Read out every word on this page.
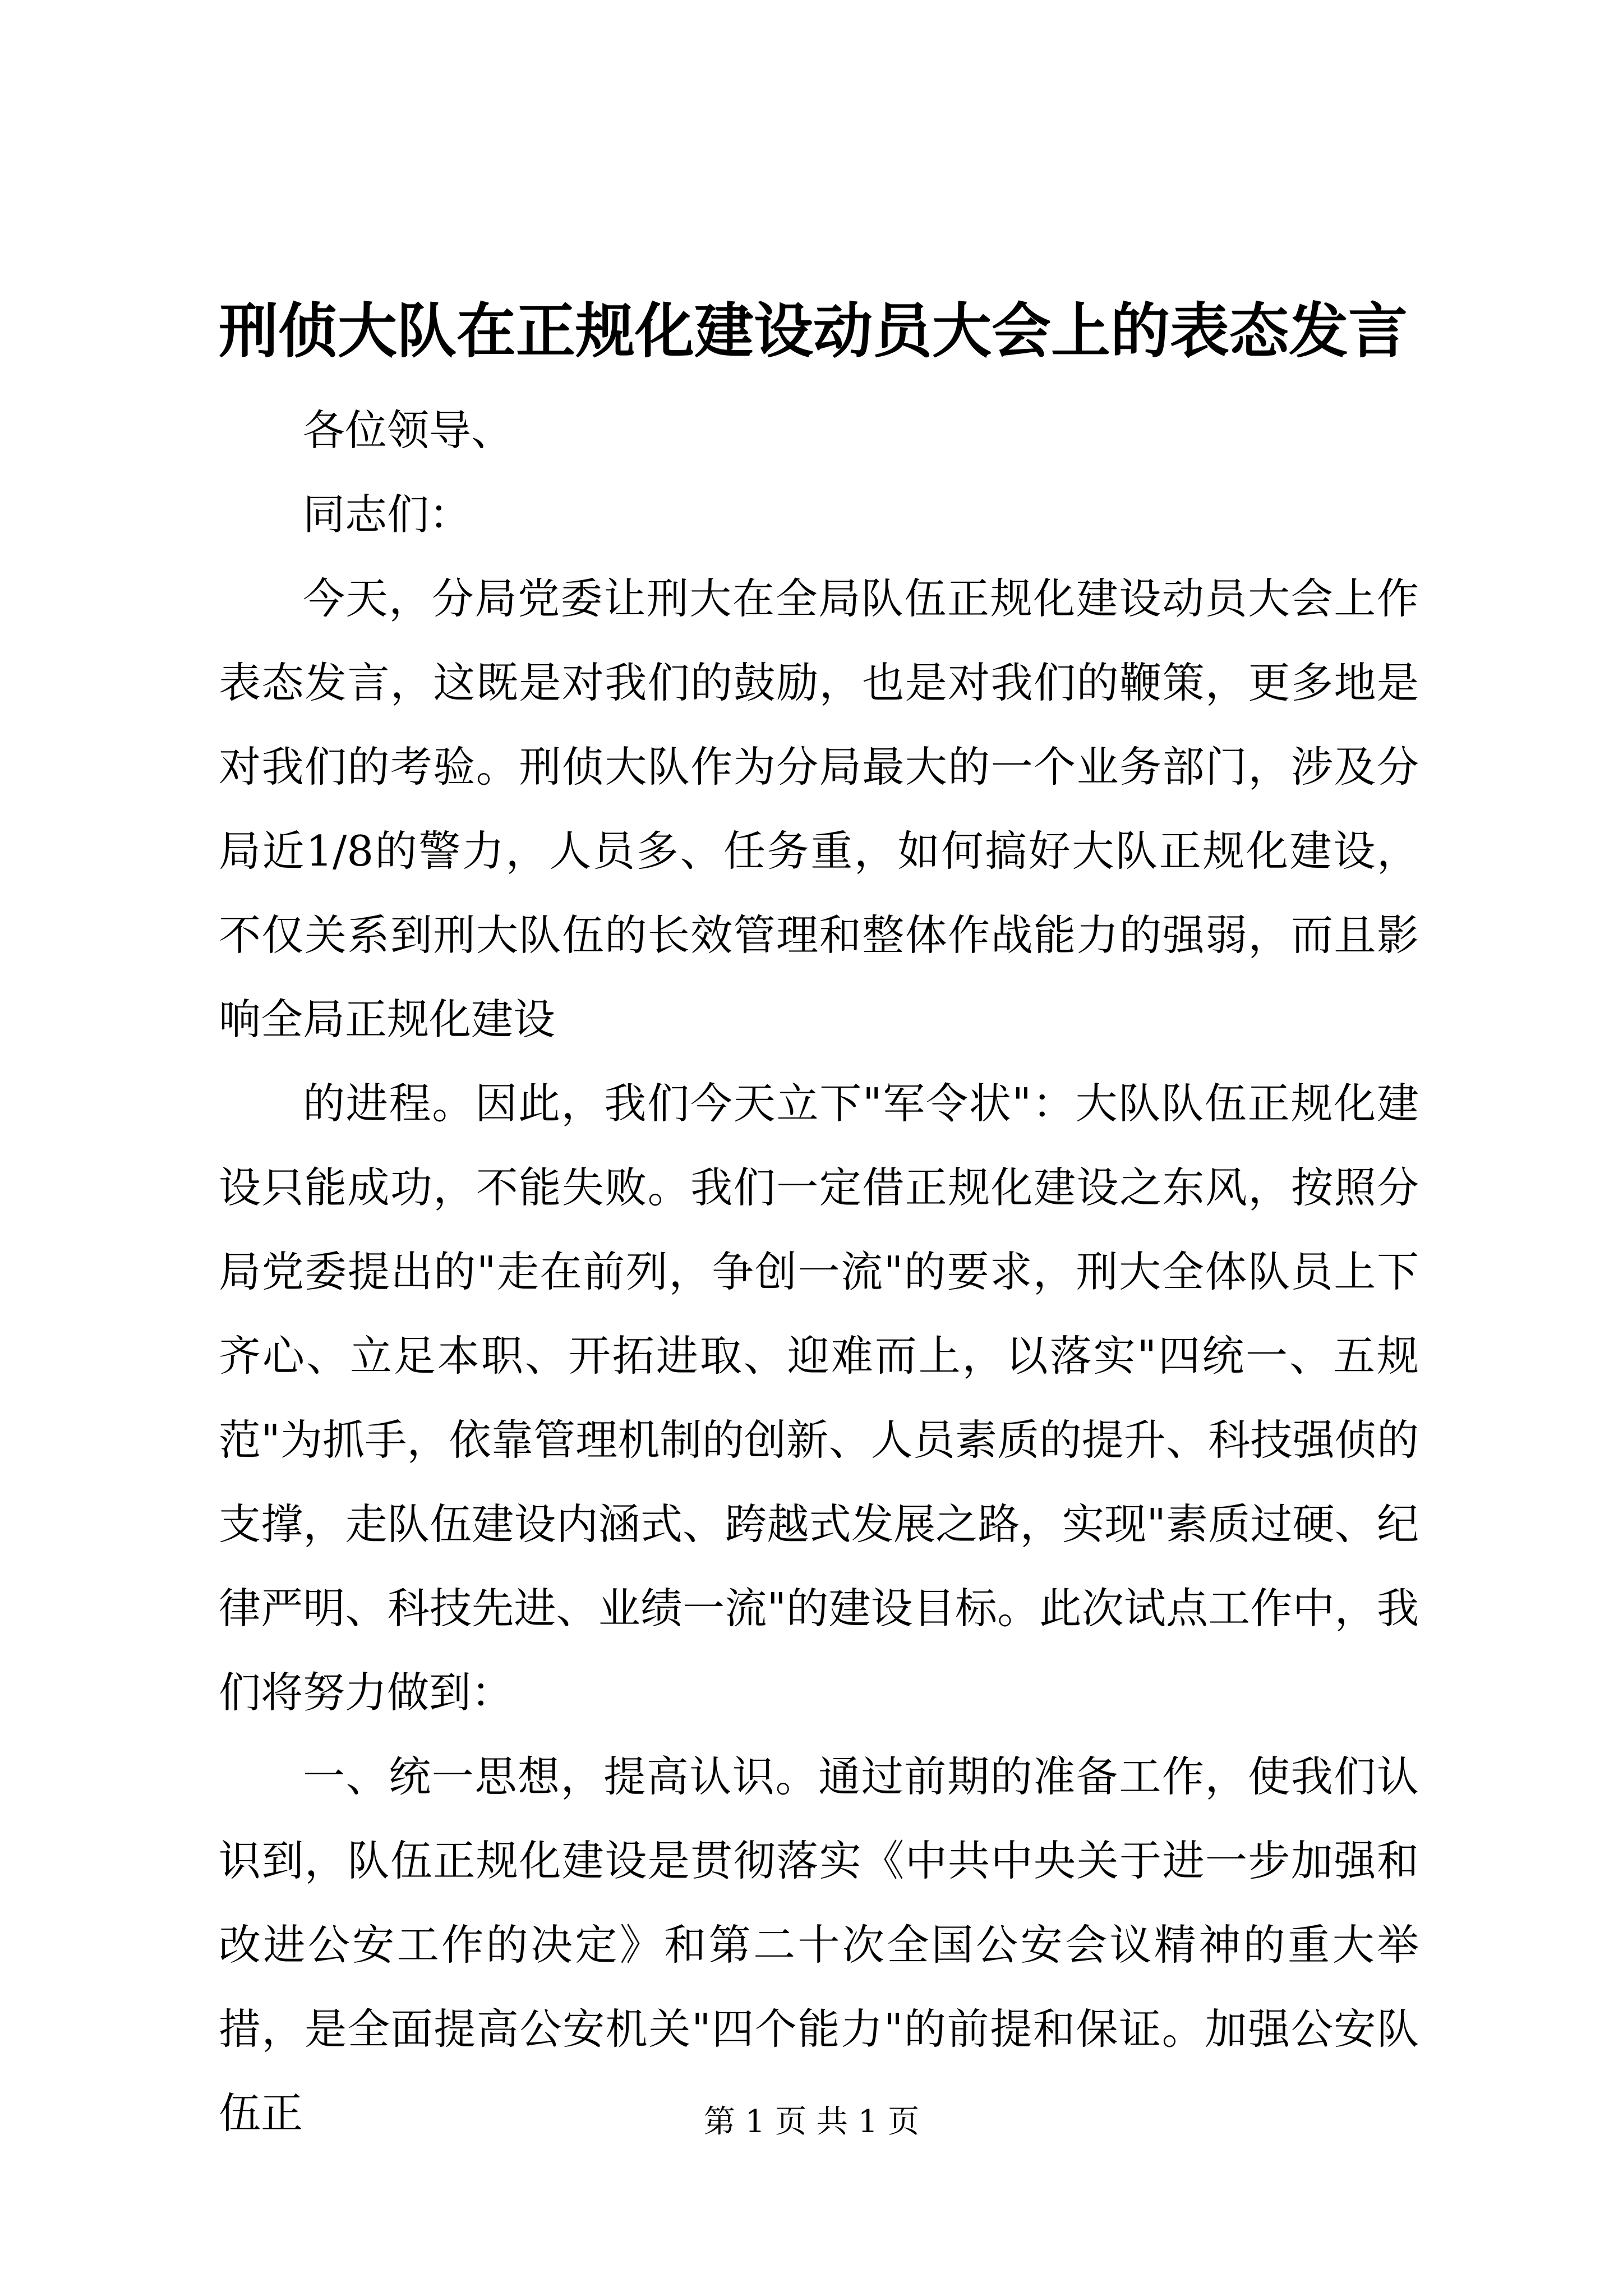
刑侦大队在正规化建设动员大会上的表态发言

各位领导、

同志们：

今天，分局党委让刑大在全局队伍正规化建设动员大会上作表态发言，这既是对我们的鼓励，也是对我们的鞭策，更多地是对我们的考验。刑侦大队作为分局最大的一个业务部门，涉及分局近1/8的警力，人员多、任务重，如何搞好大队正规化建设，不仅关系到刑大队伍的长效管理和整体作战能力的强弱，而且影响全局正规化建设

的进程。因此，我们今天立下"军令状"：大队队伍正规化建设只能成功，不能失败。我们一定借正规化建设之东风，按照分局党委提出的"走在前列，争创一流"的要求，刑大全体队员上下齐心、立足本职、开拓进取、迎难而上，以落实"四统一、五规范"为抓手，依靠管理机制的创新、人员素质的提升、科技强侦的支撑，走队伍建设内涵式、跨越式发展之路，实现"素质过硬、纪律严明、科技先进、业绩一流"的建设目标。此次试点工作中，我们将努力做到：

一、统一思想，提高认识。通过前期的准备工作，使我们认识到，队伍正规化建设是贯彻落实《中共中央关于进一步加强和改进公安工作的决定》和第二十次全国公安会议精神的重大举措，是全面提高公安机关"四个能力"的前提和保证。加强公安队伍正	第 1 页 共 1 页
